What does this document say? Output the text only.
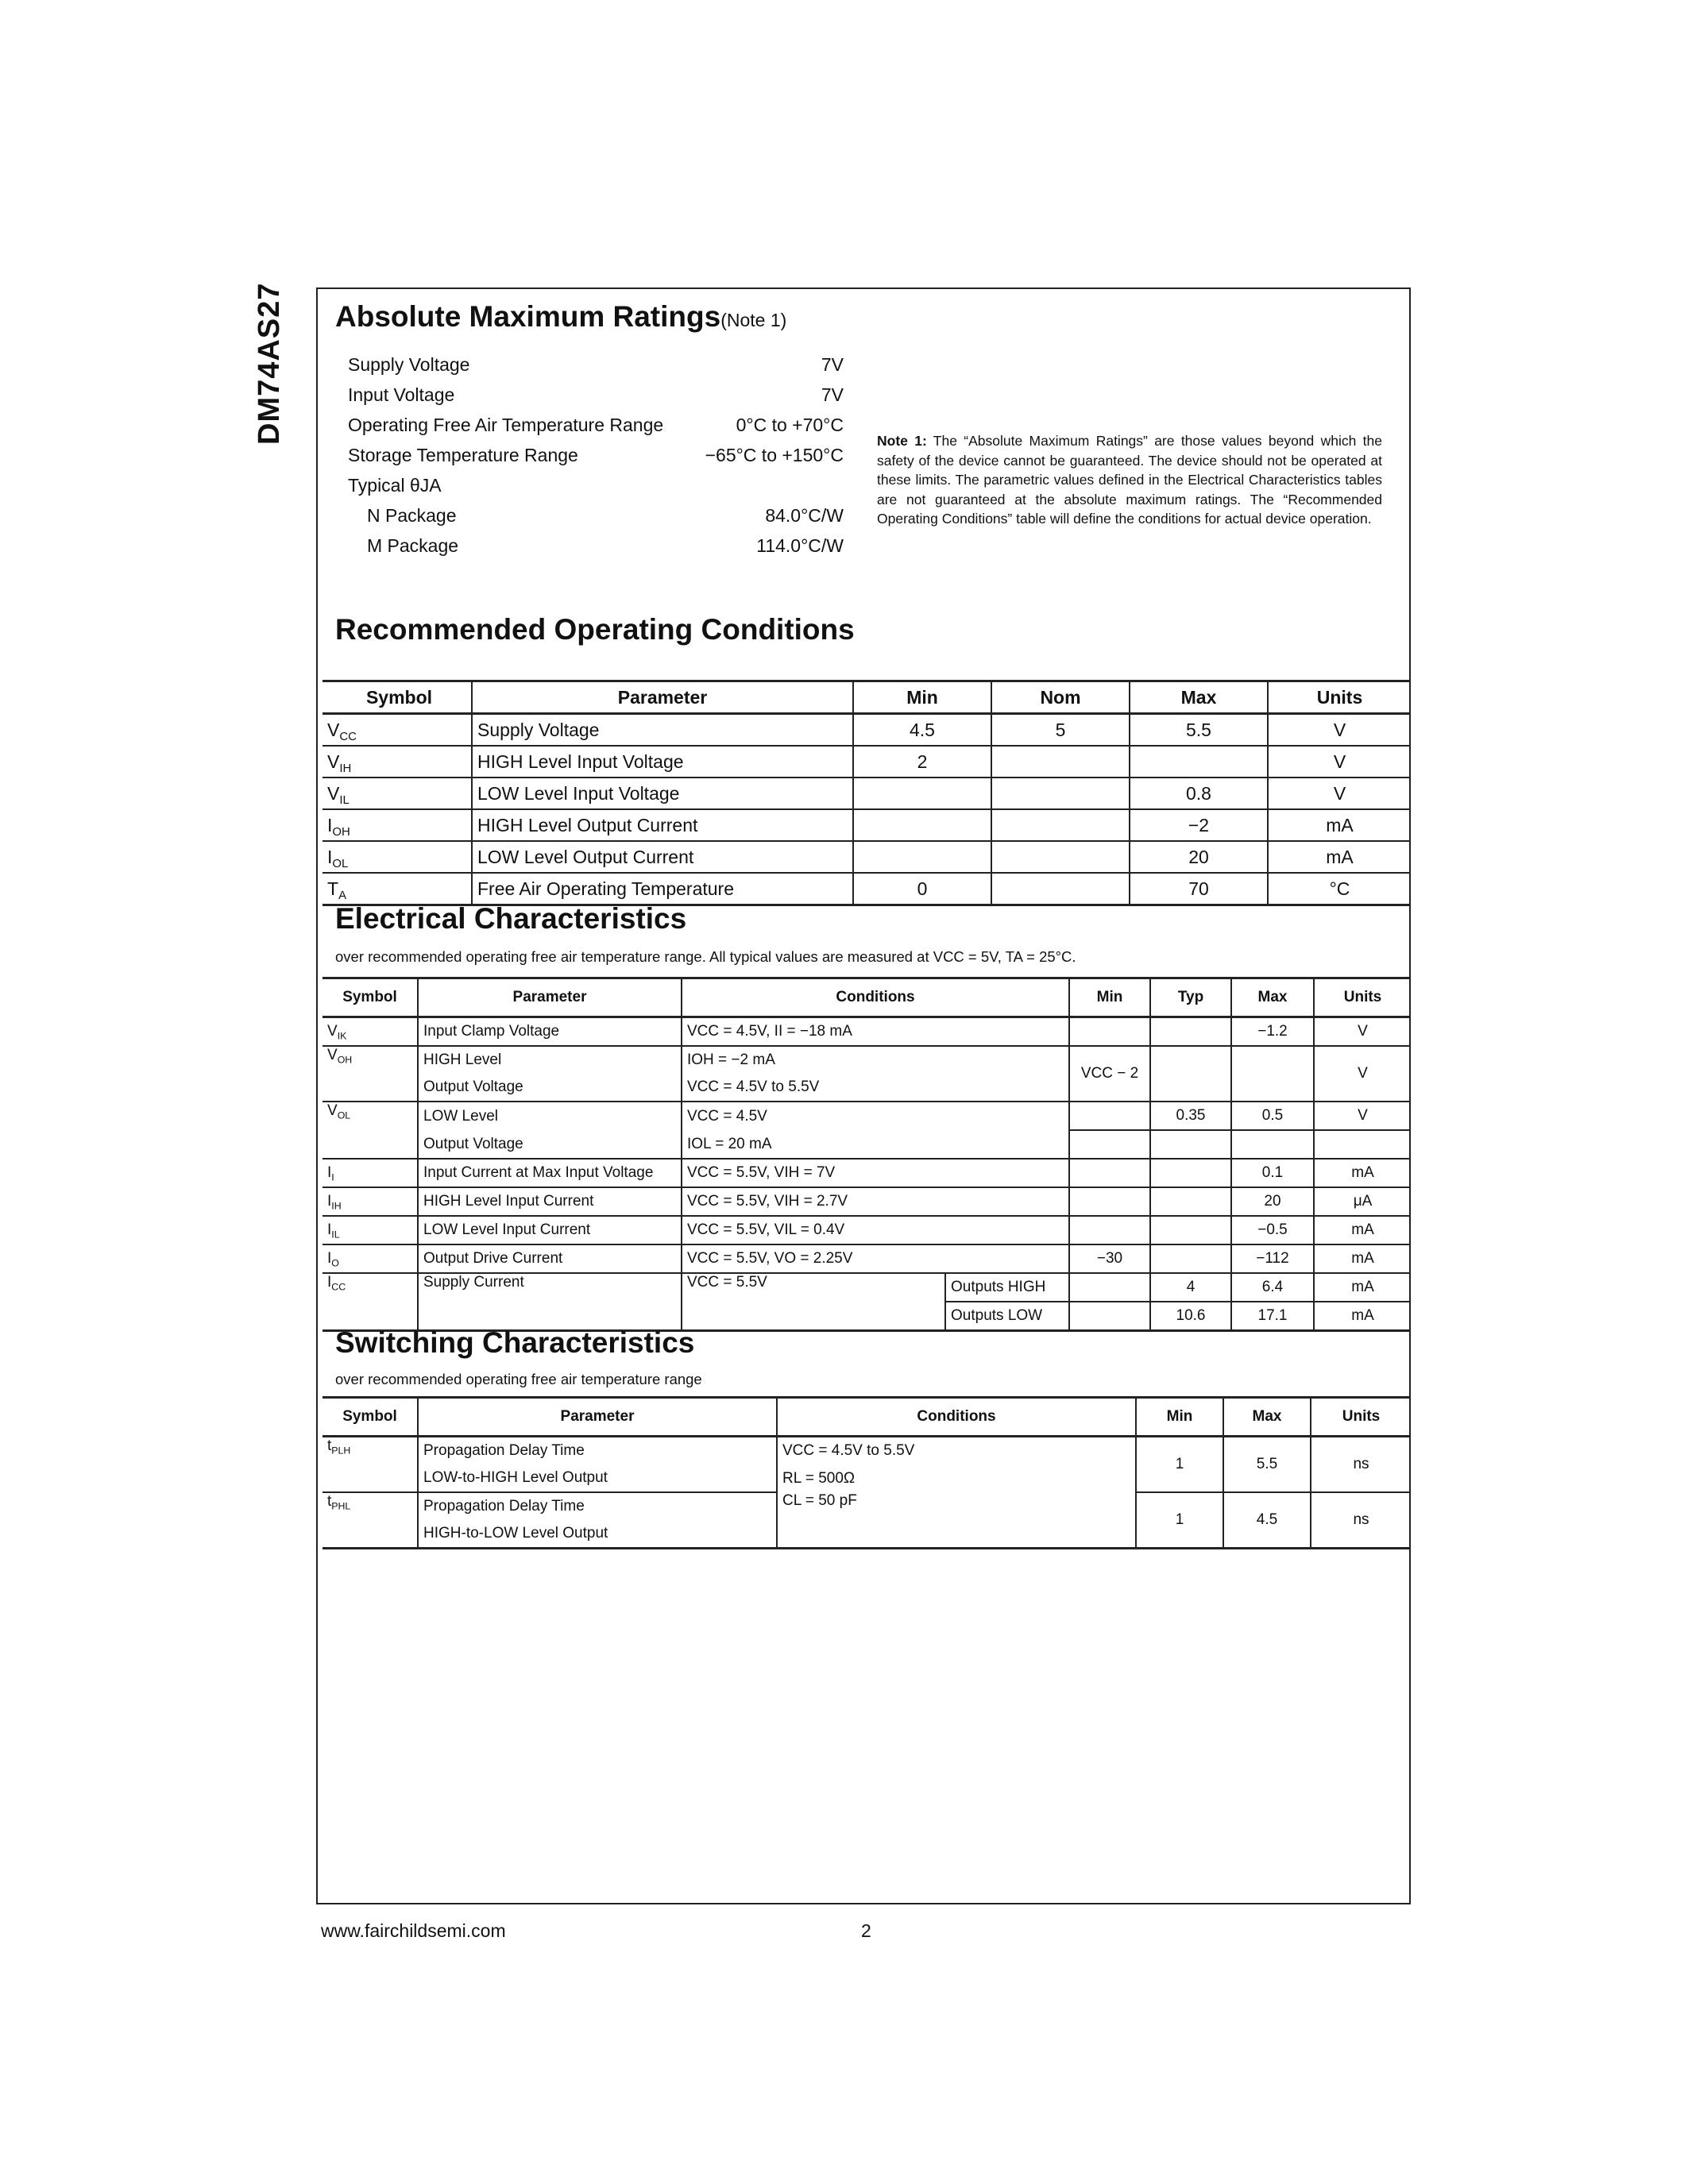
DM74AS27 Absolute Maximum Ratings(Note 1)
Supply Voltage	7V
Input Voltage	7V
Operating Free Air Temperature Range	0°C to +70°C
Storage Temperature Range	−65°C to +150°C
Typical θJA
N Package	84.0°C/W
M Package	114.0°C/W
Note 1: The “Absolute Maximum Ratings” are those values beyond which the safety of the device cannot be guaranteed. The device should not be operated at these limits. The parametric values defined in the Electrical Characteristics tables are not guaranteed at the absolute maximum ratings. The “Recommended Operating Conditions” table will define the conditions for actual device operation.
Recommended Operating Conditions
Symbol	Parameter	Min	Nom	Max	Units
$V_{CC}$	Supply Voltage	4.5	5	5.5	V
$V_{IH}$	HIGH Level Input Voltage	2			V
$V_{IL}$	LOW Level Input Voltage			0.8	V
$I_{OH}$	HIGH Level Output Current			−2	mA
$I_{OL}$	LOW Level Output Current			20	mA
$T_A$	Free Air Operating Temperature	0		70	°C
Electrical Characteristics
over recommended operating free air temperature range. All typical values are measured at VCC = 5V, TA = 25°C.
Symbol	Parameter	Conditions		Min	Typ	Max	Units
$V_{IK}$	Input Clamp Voltage	VCC = 4.5V, II = −18 mA				−1.2	V
$V_{OH}$	HIGH Level	IOH = −2 mA		VCC − 2			V
	Output Voltage	VCC = 4.5V to 5.5V					
$V_{OL}$	LOW Level	VCC = 4.5V			0.35	0.5	V
	Output Voltage	IOL = 20 mA					
$I_I$	Input Current at Max Input Voltage	VCC = 5.5V, VIH = 7V				0.1	mA
$I_{IH}$	HIGH Level Input Current	VCC = 5.5V, VIH = 2.7V				20	μA
$I_{IL}$	LOW Level Input Current	VCC = 5.5V, VIL = 0.4V				−0.5	mA
$I_O$	Output Drive Current	VCC = 5.5V, VO = 2.25V		−30		−112	mA
$I_{CC}$	Supply Current	VCC = 5.5V	Outputs HIGH		4	6.4	mA
			Outputs LOW		10.6	17.1	mA
Switching Characteristics
over recommended operating free air temperature range
Symbol	Parameter	Conditions	Min	Max	Units
$t_{PLH}$	Propagation Delay Time	VCC = 4.5V to 5.5V	1	5.5	ns
	LOW-to-HIGH Level Output	RL = 500Ω			
$t_{PHL}$	Propagation Delay Time	CL = 50 pF	1	4.5	ns
	HIGH-to-LOW Level Output				
www.fairchildsemi.com	2
